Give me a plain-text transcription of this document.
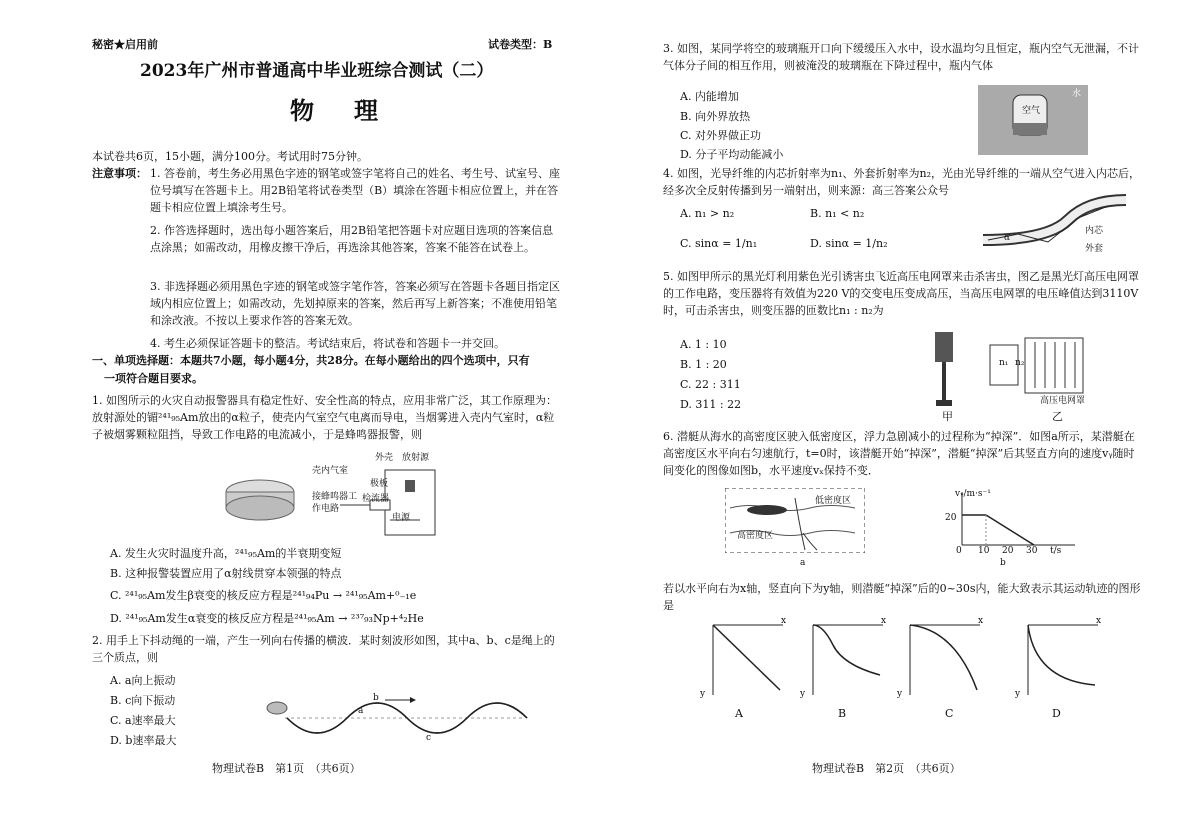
秘密★启用前	试卷类型：B
2023年广州市普通高中毕业班综合测试（二）
物　理
本试卷共6页，15小题，满分100分。考试用时75分钟。
注意事项： 1. 答卷前，考生务必用黑色字迹的钢笔或签字笔将自己的姓名、考生号、试室号、座位号填写在答题卡上。用2B铅笔将试卷类型（B）填涂在答题卡相应位置上，并在答题卡相应位置上填涂考生号。
2. 作答选择题时，选出每小题答案后，用2B铅笔把答题卡对应题目选项的答案信息点涂黑；如需改动，用橡皮擦干净后，再选涂其他答案，答案不能答在试卷上。
3. 非选择题必须用黑色字迹的钢笔或签字笔作答，答案必须写在答题卡各题目指定区域内相应位置上；如需改动，先划掉原来的答案，然后再写上新答案；不准使用铅笔和涂改液。不按以上要求作答的答案无效。
4. 考生必须保证答题卡的整洁。考试结束后，将试卷和答题卡一并交回。
一、单项选择题：本题共7小题，每小题4分，共28分。在每小题给出的四个选项中，只有
一项符合题目要求。
1. 如图所示的火灾自动报警器具有稳定性好、安全性高的特点，应用非常广泛，其工作原理为：放射源处的镅²⁴¹₉₅Am放出的α粒子，使壳内气室空气电离而导电，当烟雾进入壳内气室时，α粒子被烟雾颗粒阻挡，导致工作电路的电流减小，于是蜂鸣器报警，则
外壳 放射源
壳内气室
极板
检流器
接蜂鸣器工作电路
电源
A. 发生火灾时温度升高，²⁴¹₉₅Am的半衰期变短
B. 这种报警装置应用了α射线贯穿本领强的特点
C. ²⁴¹₉₅Am发生β衰变的核反应方程是²⁴¹₉₄Pu → ²⁴¹₉₅Am+⁰₋₁e
D. ²⁴¹₉₅Am发生α衰变的核反应方程是²⁴¹₉₅Am → ²³⁷₉₃Np+⁴₂He
2. 用手上下抖动绳的一端，产生一列向右传播的横波．某时刻波形如图，其中a、b、c是绳上的三个质点，则
A. a向上振动
B. c向下振动
C. a速率最大
D. b速率最大
a
b
c
物理试卷B　第1页　（共6页）
3. 如图，某同学将空的玻璃瓶开口向下缓缓压入水中，设水温均匀且恒定，瓶内空气无泄漏，不计气体分子间的相互作用，则被淹没的玻璃瓶在下降过程中，瓶内气体
A. 内能增加
B. 向外界放热
C. 对外界做正功
D. 分子平均动能减小
水
空气
4. 如图，光导纤维的内芯折射率为n₁、外套折射率为n₂，光由光导纤维的一端从空气进入内芯后，经多次全反射传播到另一端射出，则来源：高三答案公众号
A. n₁ > n₂	B. n₁ < n₂
C. sinα = 1/n₁	D. sinα = 1/n₂
内芯
外套
α
5. 如图甲所示的黑光灯利用紫色光引诱害虫飞近高压电网罩来击杀害虫，图乙是黑光灯高压电网罩的工作电路，变压器将有效值为220 V的交变电压变成高压，当高压电网罩的电压峰值达到3110V时，可击杀害虫，则变压器的匝数比n₁ : n₂为
A. 1 : 10
B. 1 : 20
C. 22 : 311
D. 311 : 22
n₁ n₂
高压电网罩
甲	乙
6. 潜艇从海水的高密度区驶入低密度区，浮力急剧减小的过程称为“掉深”．如图a所示，某潜艇在高密度区水平向右匀速航行，t=0时，该潜艇开始“掉深”，潜艇“掉深”后其竖直方向的速度vᵧ随时间变化的图像如图b，水平速度vₓ保持不变．
低密度区
高密度区
a
vᵧ/m·s⁻¹
20
0 10 20 30 t/s
b
若以水平向右为x轴，竖直向下为y轴，则潜艇“掉深”后的0~30s内，能大致表示其运动轨迹的图形是
x
y
x
y
x
y
x
y
A	B	C	D
物理试卷B　第2页　（共6页）
